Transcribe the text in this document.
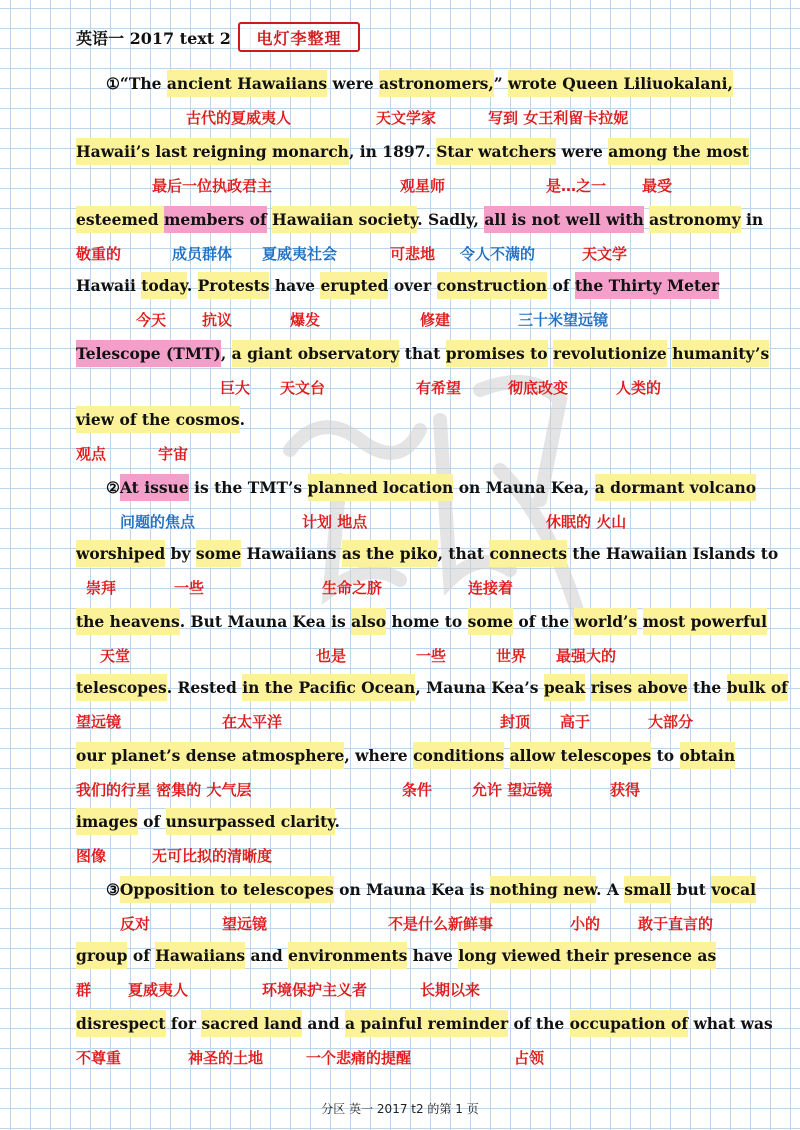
英语一 2017 text 2	电灯李整理
①“The ancient Hawaiians were astronomers,” wrote Queen Liliuokalani,
古代的夏威夷人	天文学家	写到 女王利留卡拉妮
Hawaii’s last reigning monarch, in 1897. Star watchers were among the most
最后一位执政君主	观星师	是…之一 最受
esteemed members of Hawaiian society. Sadly, all is not well with astronomy in
敬重的	成员群体 夏威夷社会	可悲地 令人不满的	天文学
Hawaii today. Protests have erupted over construction of the Thirty Meter
今天 抗议	爆发	修建	三十米望远镜
Telescope (TMT), a giant observatory that promises to revolutionize humanity’s
巨大 天文台	有希望	彻底改变	人类的
view of the cosmos.
观点	宇宙
②At issue is the TMT’s planned location on Mauna Kea, a dormant volcano
问题的焦点	计划 地点	休眠的 火山
worshiped by some Hawaiians as the piko, that connects the Hawaiian Islands to
崇拜	一些	生命之脐	连接着
the heavens. But Mauna Kea is also home to some of the world’s most powerful
天堂	也是	一些	世界 最强大的
telescopes. Rested in the Pacific Ocean, Mauna Kea’s peak rises above the bulk of
望远镜	在太平洋	封顶 高于	大部分
our planet’s dense atmosphere, where conditions allow telescopes to obtain
我们的行星 密集的 大气层	条件	允许 望远镜	获得
images of unsurpassed clarity.
图像	无可比拟的清晰度
③Opposition to telescopes on Mauna Kea is nothing new. A small but vocal
反对	望远镜	不是什么新鲜事	小的	敢于直言的
group of Hawaiians and environments have long viewed their presence as
群 夏威夷人	环境保护主义者	长期以来
disrespect for sacred land and a painful reminder of the occupation of what was
不尊重	神圣的土地	一个悲痛的提醒	占领
分区 英一 2017 t2 的第 1 页
